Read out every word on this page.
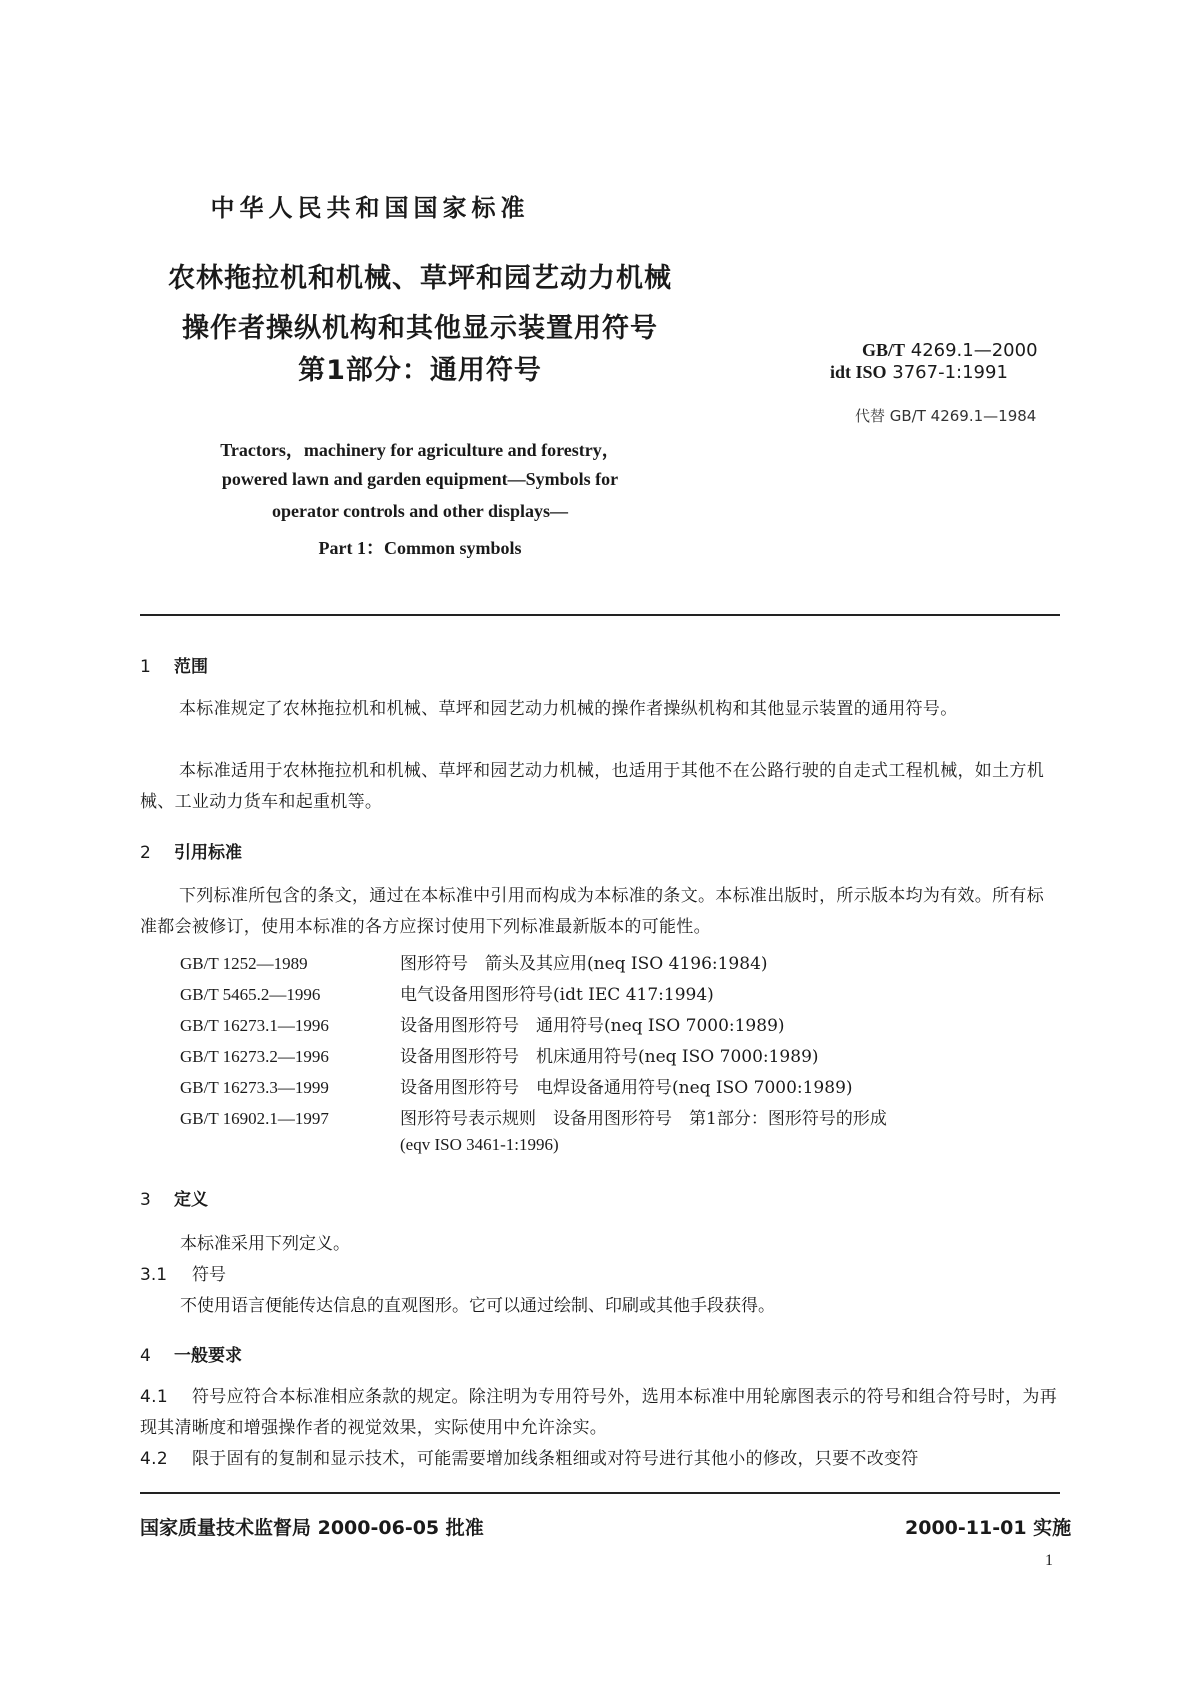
中华人民共和国国家标准
农林拖拉机和机械、草坪和园艺动力机械
操作者操纵机构和其他显示装置用符号
第1部分：通用符号
Tractors，machinery for agriculture and forestry，
powered lawn and garden equipment—Symbols for
operator controls and other displays—
Part 1：Common symbols
GB/T 4269.1—2000
idt ISO 3767-1:1991
代替 GB/T 4269.1—1984
1 范围
本标准规定了农林拖拉机和机械、草坪和园艺动力机械的操作者操纵机构和其他显示装置的通用符号。
本标准适用于农林拖拉机和机械、草坪和园艺动力机械，也适用于其他不在公路行驶的自走式工程机械，如土方机械、工业动力货车和起重机等。
2 引用标准
下列标准所包含的条文，通过在本标准中引用而构成为本标准的条文。本标准出版时，所示版本均为有效。所有标准都会被修订，使用本标准的各方应探讨使用下列标准最新版本的可能性。
GB/T 1252—1989	图形符号　箭头及其应用(neq ISO 4196:1984)
GB/T 5465.2—1996	电气设备用图形符号(idt IEC 417:1994)
GB/T 16273.1—1996	设备用图形符号　通用符号(neq ISO 7000:1989)
GB/T 16273.2—1996	设备用图形符号　机床通用符号(neq ISO 7000:1989)
GB/T 16273.3—1999	设备用图形符号　电焊设备通用符号(neq ISO 7000:1989)
GB/T 16902.1—1997	图形符号表示规则　设备用图形符号　第1部分：图形符号的形成
(eqv ISO 3461-1:1996)
3 定义
本标准采用下列定义。
3.1 符号
不使用语言便能传达信息的直观图形。它可以通过绘制、印刷或其他手段获得。
4 一般要求
4.1 符号应符合本标准相应条款的规定。除注明为专用符号外，选用本标准中用轮廓图表示的符号和组合符号时，为再现其清晰度和增强操作者的视觉效果，实际使用中允许涂实。
4.2 限于固有的复制和显示技术，可能需要增加线条粗细或对符号进行其他小的修改，只要不改变符
国家质量技术监督局 2000-06-05 批准	2000-11-01 实施
1
